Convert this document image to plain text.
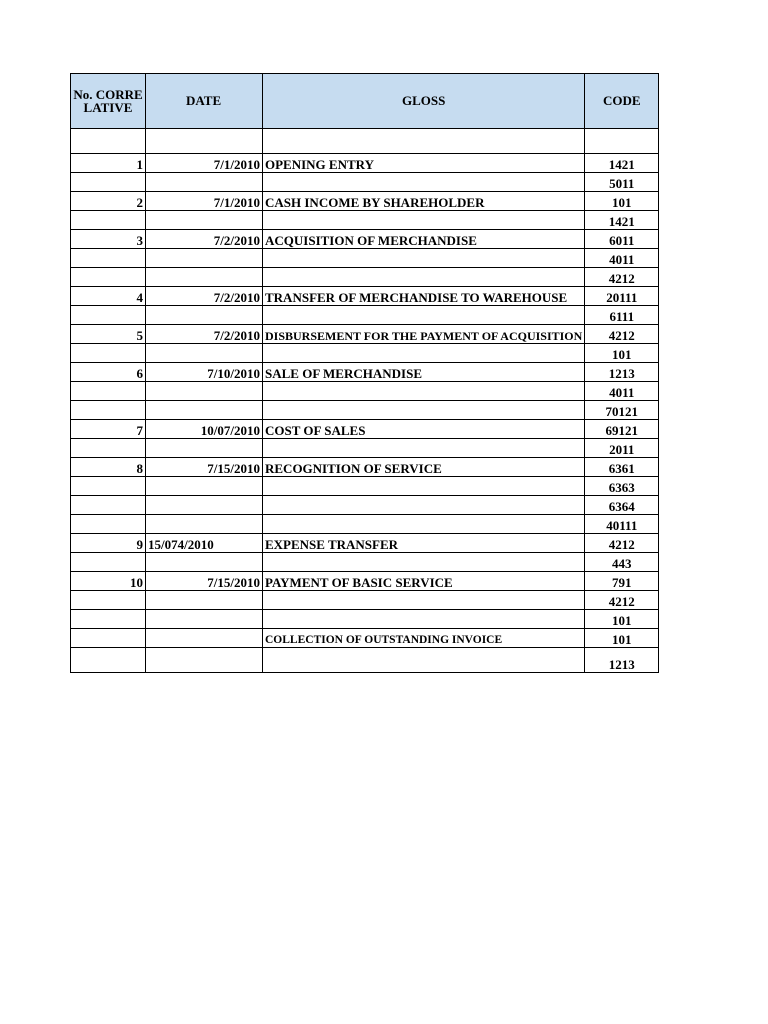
No. CORRELATIVE	DATE	GLOSS	CODE

1	7/1/2010	OPENING ENTRY	1421
			5011
2	7/1/2010	CASH INCOME BY SHAREHOLDER	101
			1421
3	7/2/2010	ACQUISITION OF MERCHANDISE	6011
			4011
			4212
4	7/2/2010	TRANSFER OF MERCHANDISE TO WAREHOUSE	20111
			6111
5	7/2/2010	DISBURSEMENT FOR THE PAYMENT OF ACQUISITION	4212
			101
6	7/10/2010	SALE OF MERCHANDISE	1213
			4011
			70121
7	10/07/2010	COST OF SALES	69121
			2011
8	7/15/2010	RECOGNITION OF SERVICE	6361
			6363
			6364
			40111
9	15/074/2010	EXPENSE TRANSFER	4212
			443
10	7/15/2010	PAYMENT OF BASIC SERVICE	791
			4212
			101
		COLLECTION OF OUTSTANDING INVOICE	101
			1213
